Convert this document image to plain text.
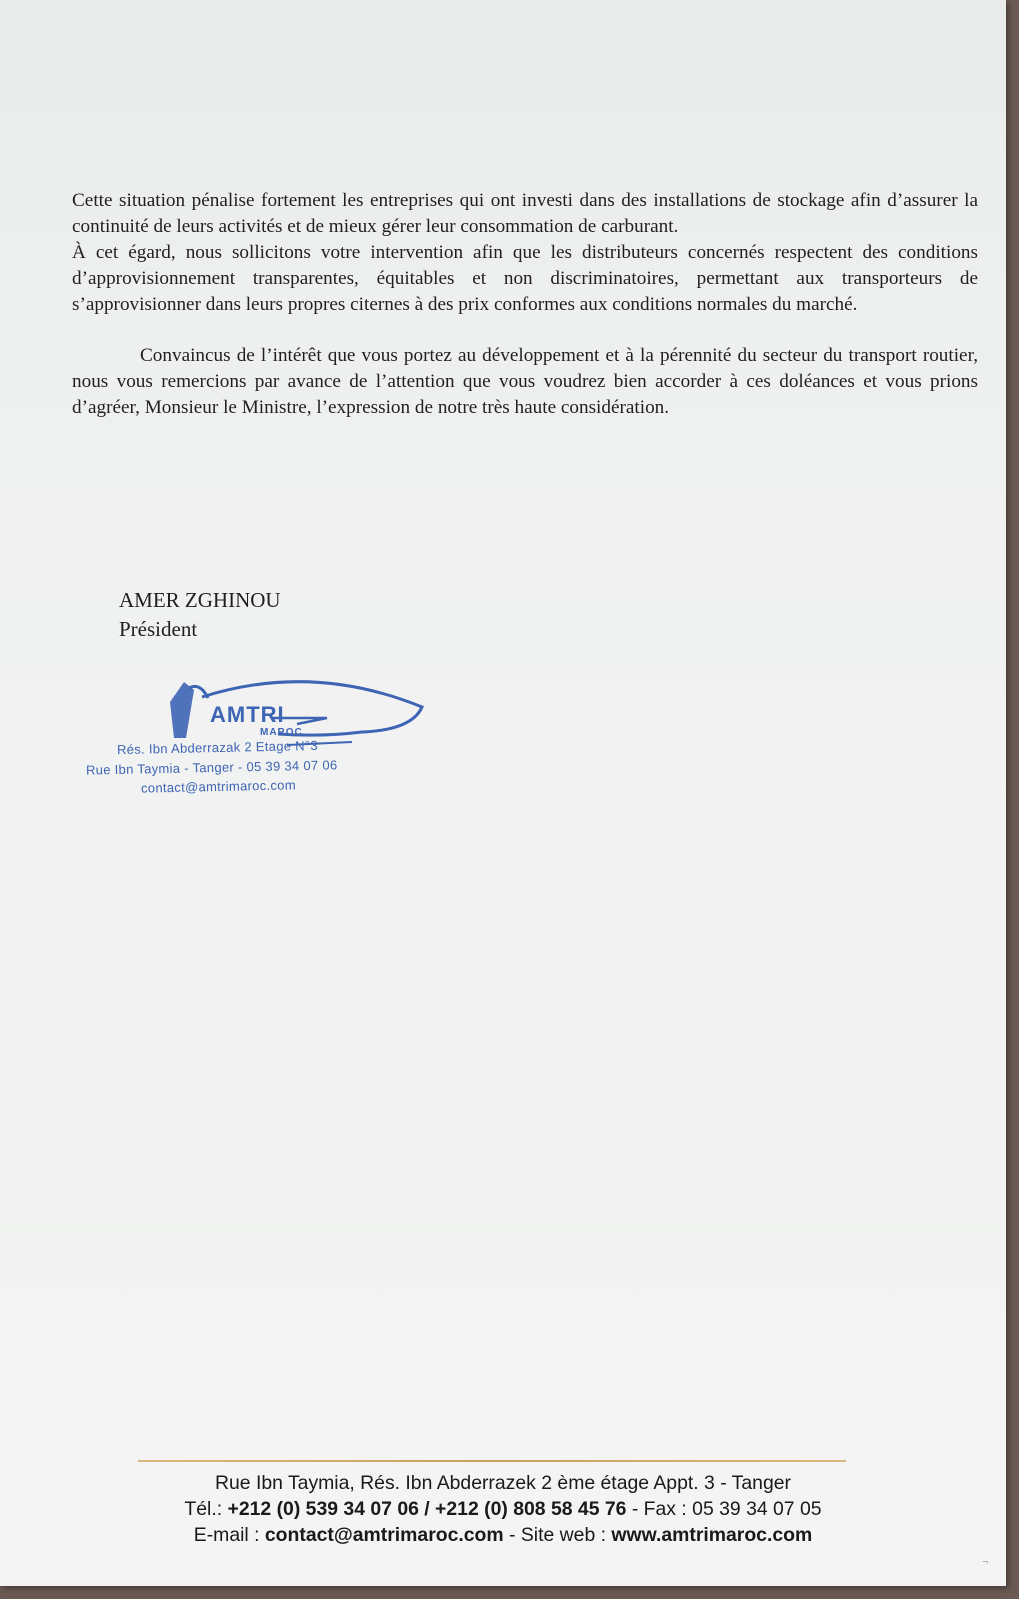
Cette situation pénalise fortement les entreprises qui ont investi dans des installations de stockage afin d’assurer la continuité de leurs activités et de mieux gérer leur consommation de carburant.

À cet égard, nous sollicitons votre intervention afin que les distributeurs concernés respectent des conditions d’approvisionnement transparentes, équitables et non discriminatoires, permettant aux transporteurs de s’approvisionner dans leurs propres citernes à des prix conformes aux conditions normales du marché.

Convaincus de l’intérêt que vous portez au développement et à la pérennité du secteur du transport routier, nous vous remercions par avance de l’attention que vous voudrez bien accorder à ces doléances et vous prions d’agréer, Monsieur le Ministre, l’expression de notre très haute considération.

AMER ZGHINOU
Président
AMTRI
MAROC
Rés. Ibn Abderrazak 2 Etage N°3
Rue Ibn Taymia - Tanger - 05 39 34 07 06
contact@amtrimaroc.com
Rue Ibn Taymia, Rés. Ibn Abderrazek 2 ème étage Appt. 3 - Tanger
Tél.: +212 (0) 539 34 07 06 / +212 (0) 808 58 45 76 - Fax : 05 39 34 07 05
E-mail : contact@amtrimaroc.com - Site web : www.amtrimaroc.com
¬
